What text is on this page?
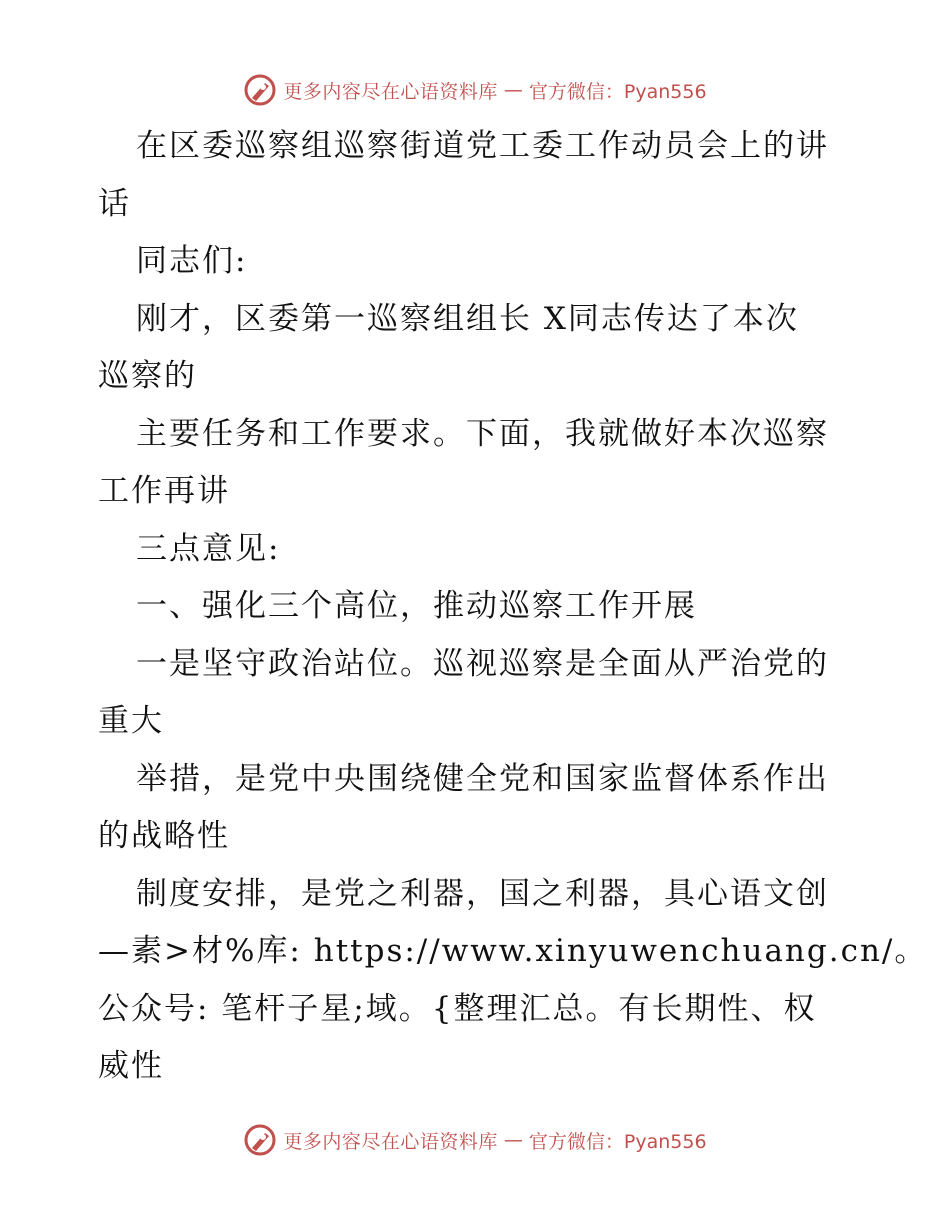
更多内容尽在心语资料库 — 官方微信：Pyan556
在区委巡察组巡察街道党工委工作动员会上的讲
话
同志们:
刚才，区委第一巡察组组长 X同志传达了本次
巡察的
主要任务和工作要求。下面，我就做好本次巡察
工作再讲
三点意见:
一、强化三个高位，推动巡察工作开展
一是坚守政治站位。巡视巡察是全面从严治党的
重大
举措，是党中央围绕健全党和国家监督体系作出
的战略性
制度安排，是党之利器，国之利器，具心语文创
—素>材%库: https://www.xinyuwenchuang.cn/。
公众号: 笔杆子星;域。{整理汇总。有长期性、权
威性
更多内容尽在心语资料库 — 官方微信：Pyan556
